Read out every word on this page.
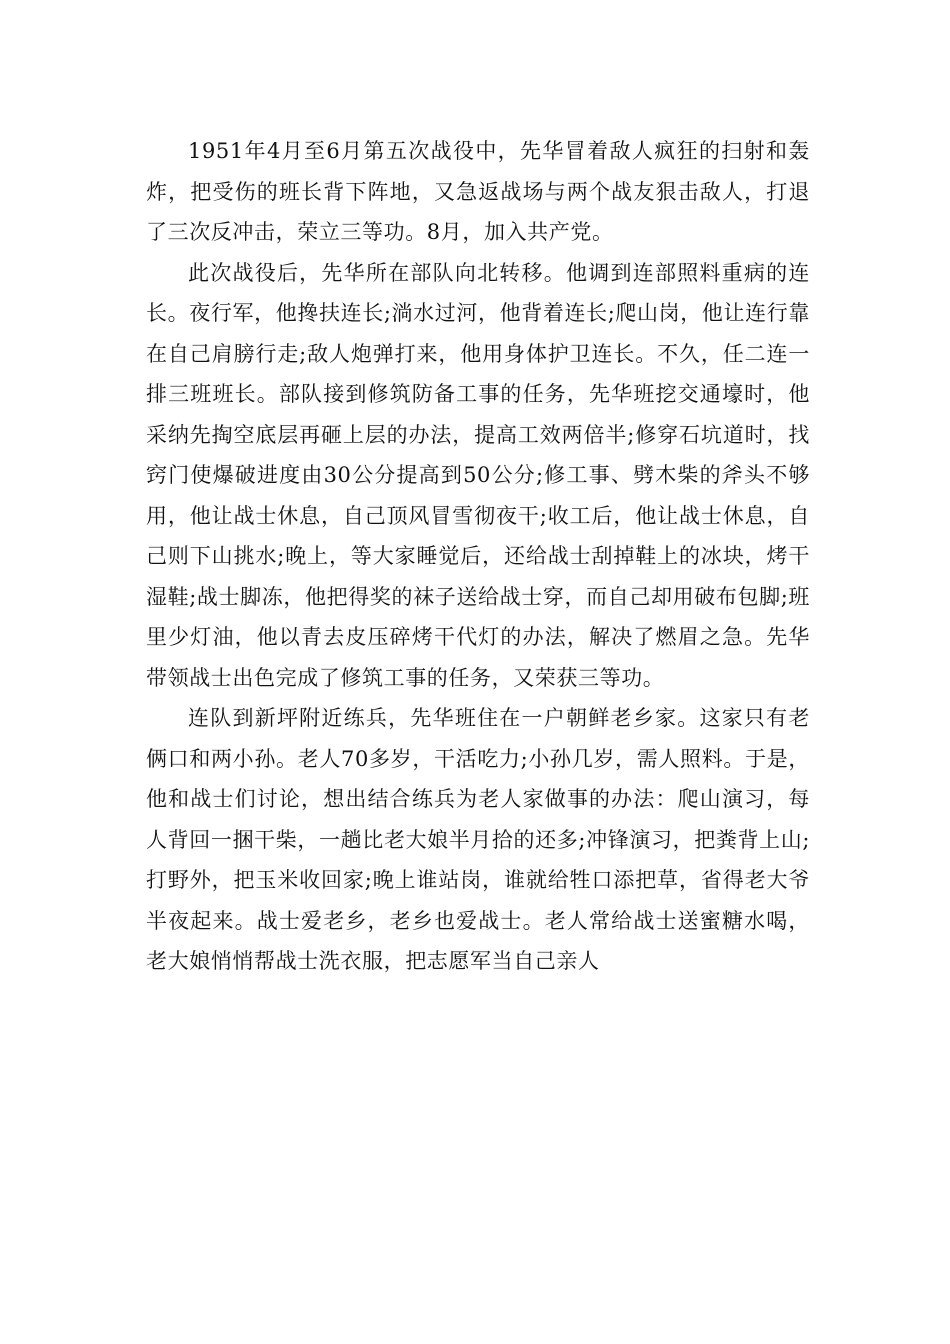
1951年4月至6月第五次战役中，先华冒着敌人疯狂的扫射和轰炸，把受伤的班长背下阵地，又急返战场与两个战友狠击敌人，打退了三次反冲击，荣立三等功。8月，加入共产党。

此次战役后，先华所在部队向北转移。他调到连部照料重病的连长。夜行军，他搀扶连长;淌水过河，他背着连长;爬山岗，他让连行靠在自己肩膀行走;敌人炮弹打来，他用身体护卫连长。不久，任二连一排三班班长。部队接到修筑防备工事的任务，先华班挖交通壕时，他采纳先掏空底层再砸上层的办法，提高工效两倍半;修穿石坑道时，找窍门使爆破进度由30公分提高到50公分;修工事、劈木柴的斧头不够用，他让战士休息，自己顶风冒雪彻夜干;收工后，他让战士休息，自己则下山挑水;晚上，等大家睡觉后，还给战士刮掉鞋上的冰块，烤干湿鞋;战士脚冻，他把得奖的袜子送给战士穿，而自己却用破布包脚;班里少灯油，他以青去皮压碎烤干代灯的办法，解决了燃眉之急。先华带领战士出色完成了修筑工事的任务，又荣获三等功。

连队到新坪附近练兵，先华班住在一户朝鲜老乡家。这家只有老俩口和两小孙。老人70多岁，干活吃力;小孙几岁，需人照料。于是，他和战士们讨论，想出结合练兵为老人家做事的办法：爬山演习，每人背回一捆干柴，一趟比老大娘半月拾的还多;冲锋演习，把粪背上山;打野外，把玉米收回家;晚上谁站岗，谁就给牲口添把草，省得老大爷半夜起来。战士爱老乡，老乡也爱战士。老人常给战士送蜜糖水喝，老大娘悄悄帮战士洗衣服，把志愿军当自己亲人
